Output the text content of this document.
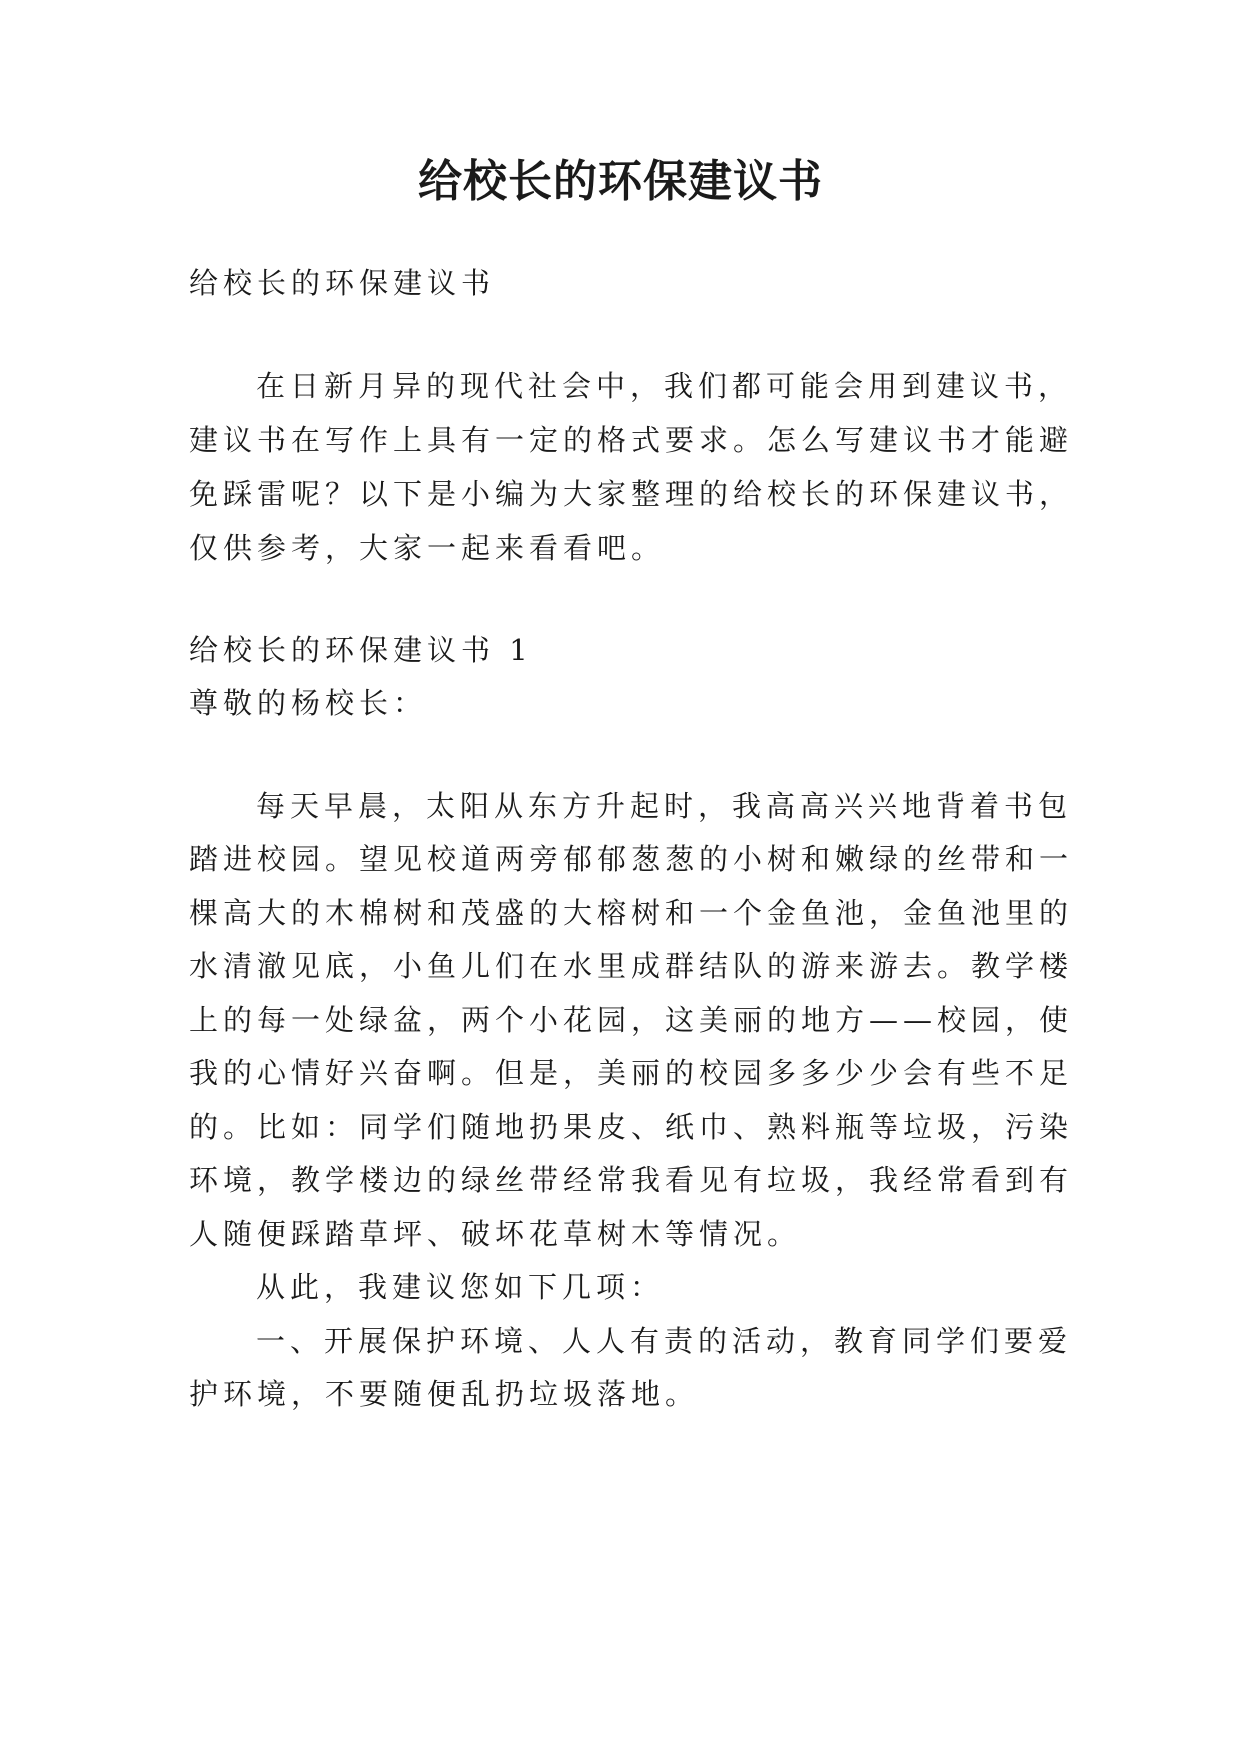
给校长的环保建议书

给校长的环保建议书

在日新月异的现代社会中，我们都可能会用到建议书，

建议书在写作上具有一定的格式要求。怎么写建议书才能避

免踩雷呢？以下是小编为大家整理的给校长的环保建议书，

仅供参考，大家一起来看看吧。

给校长的环保建议书 1

尊敬的杨校长：

每天早晨，太阳从东方升起时，我高高兴兴地背着书包

踏进校园。望见校道两旁郁郁葱葱的小树和嫩绿的丝带和一

棵高大的木棉树和茂盛的大榕树和一个金鱼池，金鱼池里的

水清澈见底，小鱼儿们在水里成群结队的游来游去。教学楼

上的每一处绿盆，两个小花园，这美丽的地方——校园，使

我的心情好兴奋啊。但是，美丽的校园多多少少会有些不足

的。比如：同学们随地扔果皮、纸巾、熟料瓶等垃圾，污染

环境，教学楼边的绿丝带经常我看见有垃圾，我经常看到有

人随便踩踏草坪、破坏花草树木等情况。

从此，我建议您如下几项：

一、开展保护环境、人人有责的活动，教育同学们要爱

护环境，不要随便乱扔垃圾落地。
